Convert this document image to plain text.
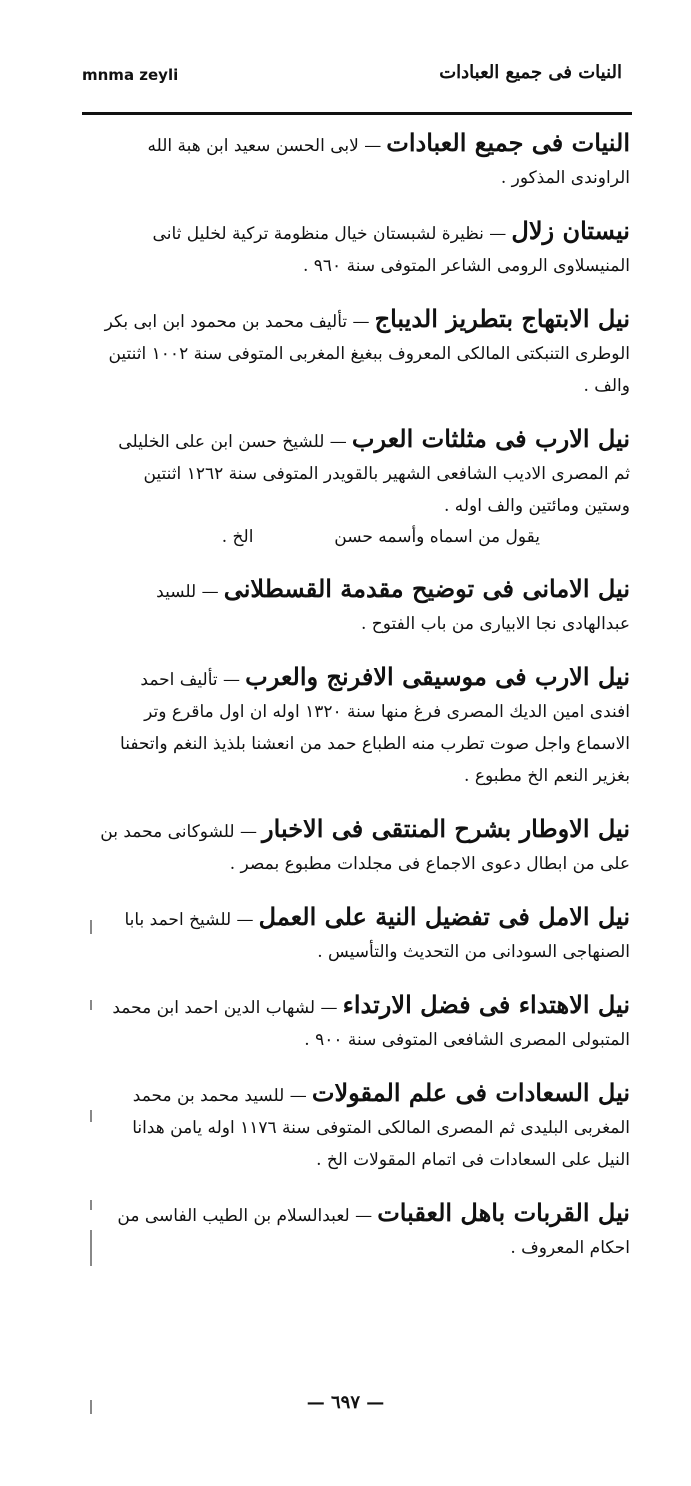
mnma zeyli	النيات فى جميع العبادات
النيات فى جميع العبادات — لابى الحسن سعيد ابن هبة الله الراوندى المذكور .
نيستان زلال — نظيرة لشبستان خيال منظومة تركية لخليل ثانى المنيسلاوى الرومى الشاعر المتوفى سنة ٩٦٠ .
نيل الابتهاج بتطريز الديباج — تأليف محمد بن محمود ابن ابى بكر الوطرى التنبكتى المالكى المعروف ببغيغ المغربى المتوفى سنة ١٠٠٢ اثنتين والف .
نيل الارب فى مثلثات العرب — للشيخ حسن ابن على الخليلى ثم المصرى الاديب الشافعى الشهير بالقويدر المتوفى سنة ١٢٦٢ اثنتين وستين ومائتين والف اوله .
يقول من اسماه وأسمه حسن  الخ .
نيل الامانى فى توضيح مقدمة القسطلانى — للسيد عبدالهادى نجا الابيارى من باب الفتوح .
نيل الارب فى موسيقى الافرنج والعرب — تأليف احمد افندى امين الديك المصرى فرغ منها سنة ١٣٢٠ اوله ان اول ماقرع وتر الاسماع واجل صوت تطرب منه الطباع حمد من انعشنا بلذيذ النغم واتحفنا بغزير النعم الخ مطبوع .
نيل الاوطار بشرح المنتقى فى الاخبار — للشوكانى محمد بن على من ابطال دعوى الاجماع فى مجلدات مطبوع بمصر .
نيل الامل فى تفضيل النية على العمل — للشيخ احمد بابا الصنهاجى السودانى من التحديث والتأسيس .
نيل الاهتداء فى فضل الارتداء — لشهاب الدين احمد ابن محمد المتبولى المصرى الشافعى المتوفى سنة ٩٠٠ .
نيل السعادات فى علم المقولات — للسيد محمد بن محمد المغربى البليدى ثم المصرى المالكى المتوفى سنة ١١٧٦ اوله يامن هدانا النيل على السعادات فى اتمام المقولات الخ .
نيل القربات باهل العقبات — لعبدالسلام بن الطيب الفاسى من احكام المعروف .
— ٦٩٧ —
